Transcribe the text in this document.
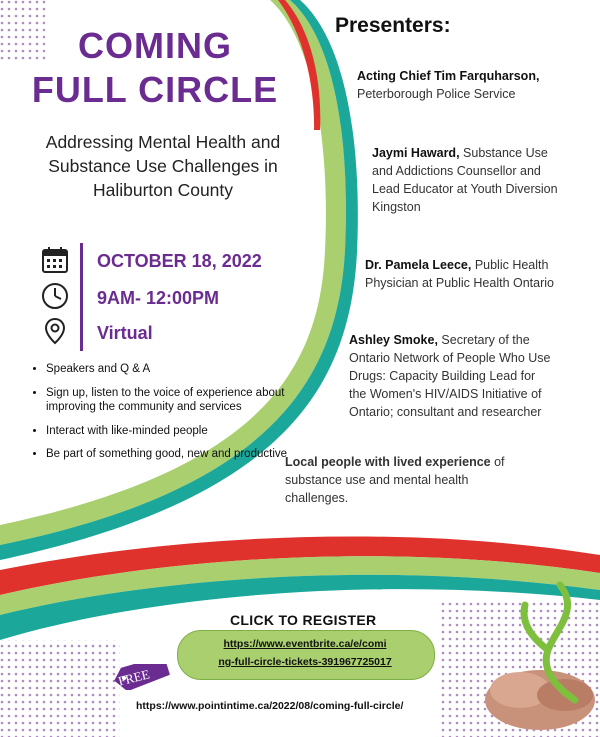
COMING
FULL CIRCLE
Addressing Mental Health and
Substance Use Challenges in
Haliburton County
OCTOBER 18, 2022
9AM- 12:00PM
Virtual
• Speakers and Q & A
• Sign up, listen to the voice of experience about improving the community and services
• Interact with like-minded people
• Be part of something good, new and productive
Presenters:
Acting Chief Tim Farquharson,
Peterborough Police Service
Jaymi Haward, Substance Use
and Addictions Counsellor and
Lead Educator at Youth Diversion
Kingston
Dr. Pamela Leece, Public Health
Physician at Public Health Ontario
Ashley Smoke, Secretary of the
Ontario Network of People Who Use
Drugs: Capacity Building Lead for
the Women's HIV/AIDS Initiative of
Ontario; consultant and researcher
Local people with lived experience of
substance use and mental health
challenges.
CLICK TO REGISTER
https://www.eventbrite.ca/e/comi
ng-full-circle-tickets-391967725017
FREE
https://www.pointintime.ca/2022/08/coming-full-circle/
